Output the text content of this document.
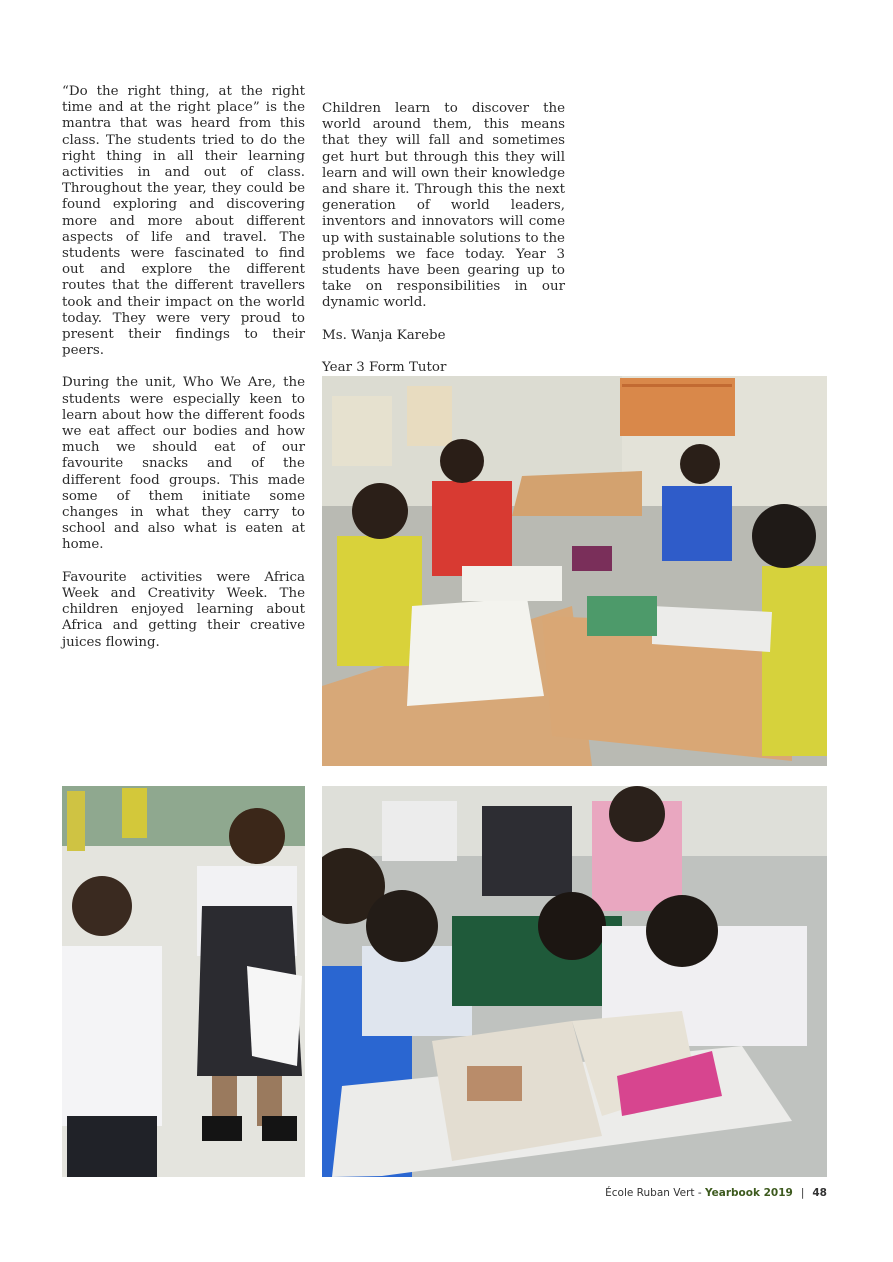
“Do the right thing, at the right time and at the right place” is the mantra that was heard from this class. The students tried to do the right thing in all their learning activities in and out of class. Throughout the year, they could be found exploring and discovering more and more about different aspects of life and travel. The students were fascinated to find out and explore the different routes that the different travellers took and their impact on the world today. They were very proud to present their findings to their peers.

During the unit, Who We Are, the students were especially keen to learn about how the different foods we eat affect our bodies and how much we should eat of our favourite snacks and of the different food groups. This made some of them initiate some changes in what they carry to school and also what is eaten at home.

Favourite activities were Africa Week and Creativity Week. The children enjoyed learning about Africa and getting their creative juices flowing.

Children learn to discover the world around them, this means that they will fall and sometimes get hurt but through this they will learn and will own their knowledge and share it. Through this the next generation of world leaders, inventors and innovators will come up with sustainable solutions to the problems we face today. Year 3 students have been gearing up to take on responsibilities in our dynamic world.

Ms. Wanja Karebe

Year 3 Form Tutor

École Ruban Vert - Yearbook 2019 | 48
